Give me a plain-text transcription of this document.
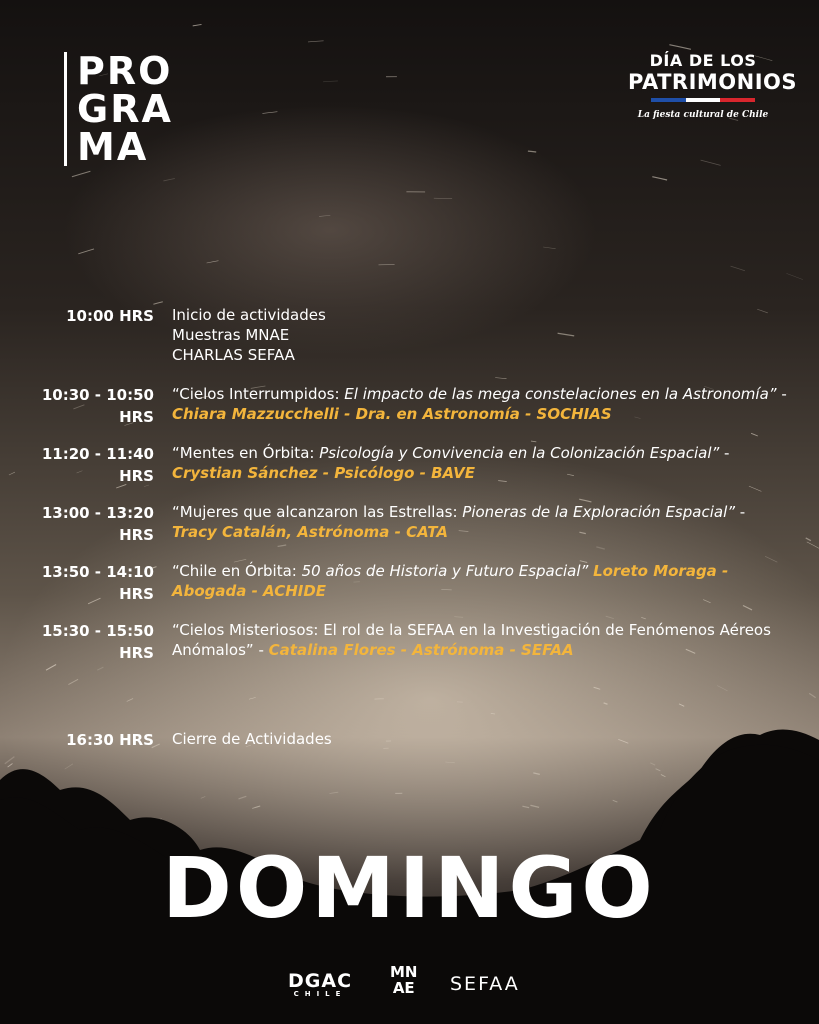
PRO
GRA
MA
DÍA DE LOS
PATRIMONIOS
La fiesta cultural de Chile
10:00 HRS Inicio de actividades
Muestras MNAE
CHARLAS SEFAA
10:30 - 10:50
HRS
“Cielos Interrumpidos: El impacto de las mega constelaciones en la Astronomía” - Chiara Mazzucchelli - Dra. en Astronomía - SOCHIAS
11:20 - 11:40
HRS
“Mentes en Órbita: Psicología y Convivencia en la Colonización Espacial” - Crystian Sánchez - Psicólogo - BAVE
13:00 - 13:20
HRS
“Mujeres que alcanzaron las Estrellas: Pioneras de la Exploración Espacial” - Tracy Catalán, Astrónoma - CATA
13:50 - 14:10
HRS
“Chile en Órbita: 50 años de Historia y Futuro Espacial” Loreto Moraga - Abogada - ACHIDE
15:30 - 15:50
HRS
“Cielos Misteriosos: El rol de la SEFAA en la Investigación de Fenómenos Aéreos Anómalos” - Catalina Flores - Astrónoma - SEFAA
16:30 HRS Cierre de Actividades
DOMINGO
DGAC
CHILE
MN
AE SEFAA
